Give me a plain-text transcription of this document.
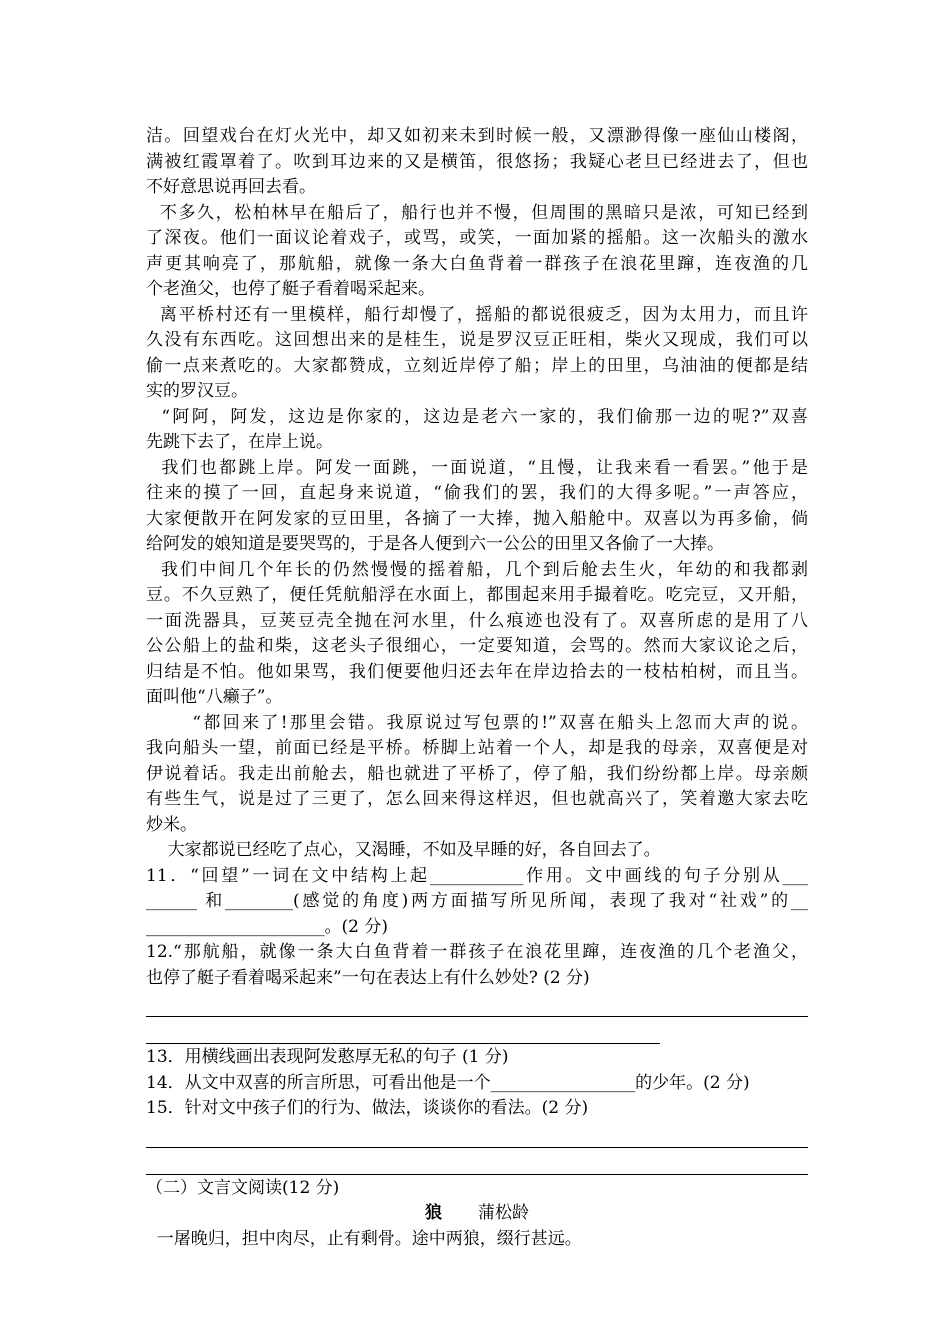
洁。回望戏台在灯火光中，却又如初来未到时候一般，又漂渺得像一座仙山楼阁，
满被红霞罩着了。吹到耳边来的又是横笛，很悠扬；我疑心老旦已经进去了，但也
不好意思说再回去看。
不多久，松柏林早在船后了，船行也并不慢，但周围的黑暗只是浓，可知已经到
了深夜。他们一面议论着戏子，或骂，或笑，一面加紧的摇船。这一次船头的激水
声更其响亮了，那航船，就像一条大白鱼背着一群孩子在浪花里蹿，连夜渔的几
个老渔父，也停了艇子看着喝采起来。
离平桥村还有一里模样，船行却慢了，摇船的都说很疲乏，因为太用力，而且许
久没有东西吃。这回想出来的是桂生，说是罗汉豆正旺相，柴火又现成，我们可以
偷一点来煮吃的。大家都赞成，立刻近岸停了船；岸上的田里，乌油油的便都是结
实的罗汉豆。
“阿阿，阿发，这边是你家的，这边是老六一家的，我们偷那一边的呢?”双喜
先跳下去了，在岸上说。
我们也都跳上岸。阿发一面跳，一面说道，“且慢，让我来看一看罢。”他于是
往来的摸了一回，直起身来说道，“偷我们的罢，我们的大得多呢。”一声答应，
大家便散开在阿发家的豆田里，各摘了一大捧，抛入船舱中。双喜以为再多偷，倘
给阿发的娘知道是要哭骂的，于是各人便到六一公公的田里又各偷了一大捧。
我们中间几个年长的仍然慢慢的摇着船，几个到后舱去生火，年幼的和我都剥
豆。不久豆熟了，便任凭航船浮在水面上，都围起来用手撮着吃。吃完豆，又开船，
一面洗器具，豆荚豆壳全抛在河水里，什么痕迹也没有了。双喜所虑的是用了八
公公船上的盐和柴，这老头子很细心，一定要知道，会骂的。然而大家议论之后，
归结是不怕。他如果骂，我们便要他归还去年在岸边拾去的一枝枯柏树，而且当。
面叫他“八癞子”。
“都回来了!那里会错。我原说过写包票的!”双喜在船头上忽而大声的说。
我向船头一望，前面已经是平桥。桥脚上站着一个人，却是我的母亲，双喜便是对
伊说着话。我走出前舱去，船也就进了平桥了，停了船，我们纷纷都上岸。母亲颇
有些生气，说是过了三更了，怎么回来得这样迟，但也就高兴了，笑着邀大家去吃
炒米。
大家都说已经吃了点心，又渴睡，不如及早睡的好，各自回去了。
11．“回望”一词在文中结构上起___________作用。文中画线的句子分别从___
______ 和________(感觉的角度)两方面描写所见所闻，表现了我对“社戏”的__
_____________________。(2 分)
12.“那航船，就像一条大白鱼背着一群孩子在浪花里蹿，连夜渔的几个老渔父，
也停了艇子看着喝采起来”一句在表达上有什么妙处? (2 分)
13．用横线画出表现阿发憨厚无私的句子 (1 分)
14．从文中双喜的所言所思，可看出他是一个_________________的少年。(2 分)
15．针对文中孩子们的行为、做法，谈谈你的看法。(2 分)
（二）文言文阅读(12 分)
狼 蒲松龄
一屠晚归，担中肉尽，止有剩骨。途中两狼，缀行甚远。
